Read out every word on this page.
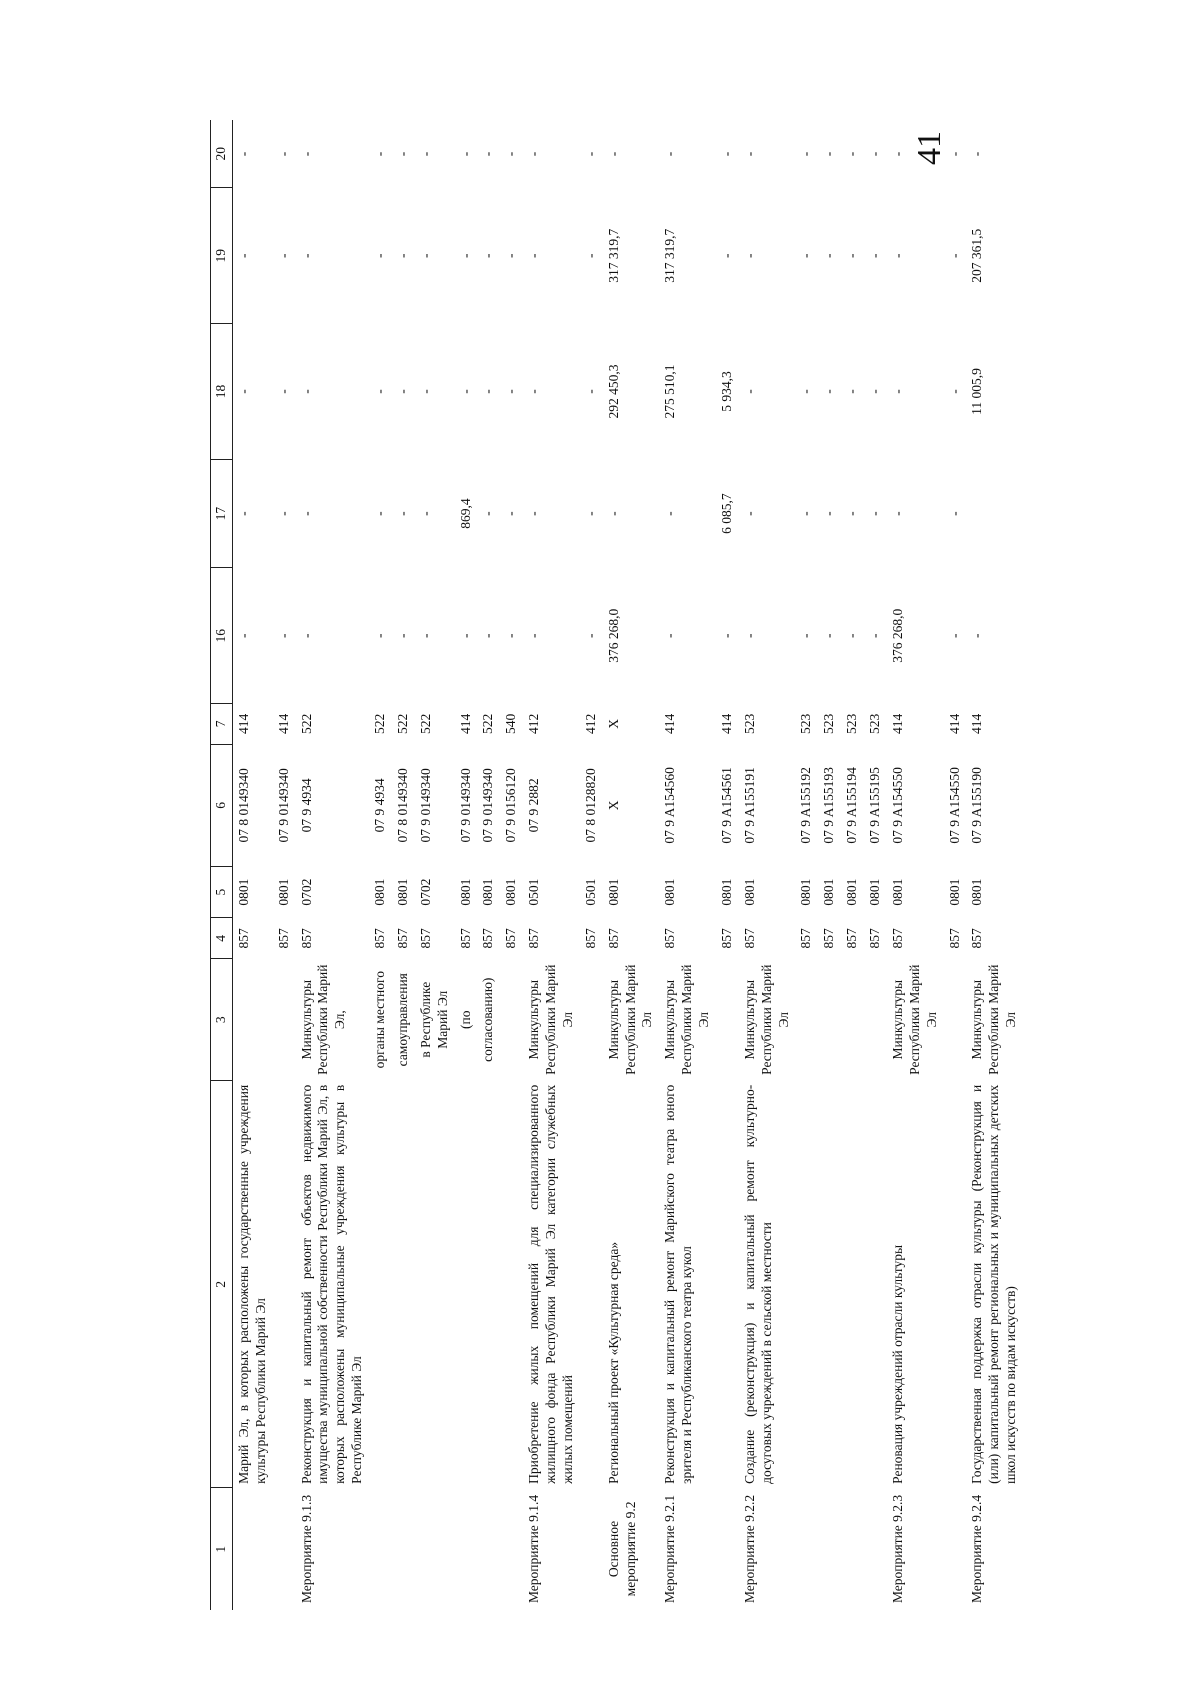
41
1	2	3	4	5	6	7	16	17	18	19	20
	Марий Эл, в которых расположены государственные учреждения культуры Республики Марий Эл		857	0801	07 8 0149340	414	-	-	-	-	-
			857	0801	07 9 0149340	414	-	-	-	-	-
Мероприятие 9.1.3	Реконструкция и капитальный ремонт объектов недвижимого имущества муниципальной собственности Республики Марий Эл, в которых расположены муниципальные учреждения культуры в Республике Марий Эл	Минкультуры Республики Марий Эл,	857	0702	07 9 4934	522	-	-	-	-	-
		органы местного	857	0801	07 9 4934	522	-	-	-	-	-
		самоуправления	857	0801	07 8 0149340	522	-	-	-	-	-
		в Республике Марий Эл	857	0702	07 9 0149340	522	-	-	-	-	-
		(по	857	0801	07 9 0149340	414	-	869,4	-	-	-
		согласованию)	857	0801	07 9 0149340	522	-	-	-	-	-
			857	0801	07 9 0156120	540	-	-	-	-	-
Мероприятие 9.1.4	Приобретение жилых помещений для специализированного жилищного фонда Республики Марий Эл категории служебных жилых помещений	Минкультуры Республики Марий Эл	857	0501	07 9 2882	412	-	-	-	-	-
			857	0501	07 8 0128820	412	-	-	-	-	-
Основное мероприятие 9.2	Региональный проект «Культурная среда»	Минкультуры Республики Марий Эл	857	0801	X	X	376 268,0	-	292 450,3	317 319,7	-
Мероприятие 9.2.1	Реконструкция и капитальный ремонт Марийского театра юного зрителя и Республиканского театра кукол	Минкультуры Республики Марий Эл	857	0801	07 9 A154560	414	-	-	275 510,1	317 319,7	-
			857	0801	07 9 A154561	414	-	6 085,7	5 934,3	-	-
Мероприятие 9.2.2	Создание (реконструкция) и капитальный ремонт культурно-досуговых учреждений в сельской местности	Минкультуры Республики Марий Эл	857	0801	07 9 A155191	523	-	-	-	-	-
			857	0801	07 9 A155192	523	-	-	-	-	-
			857	0801	07 9 A155193	523	-	-	-	-	-
			857	0801	07 9 A155194	523	-	-	-	-	-
			857	0801	07 9 A155195	523	-	-	-	-	-
Мероприятие 9.2.3	Реновация учреждений отрасли культуры	Минкультуры Республики Марий Эл	857	0801	07 9 A154550	414	376 268,0	-	-	-	-
			857	0801	07 9 A154550	414	-	-	-	-	-
Мероприятие 9.2.4	Государственная поддержка отрасли культуры (Реконструкция и (или) капитальный ремонт региональных и муниципальных детских школ искусств по видам искусств)	Минкультуры Республики Марий Эл	857	0801	07 9 A155190	414	-		11 005,9	207 361,5	-
